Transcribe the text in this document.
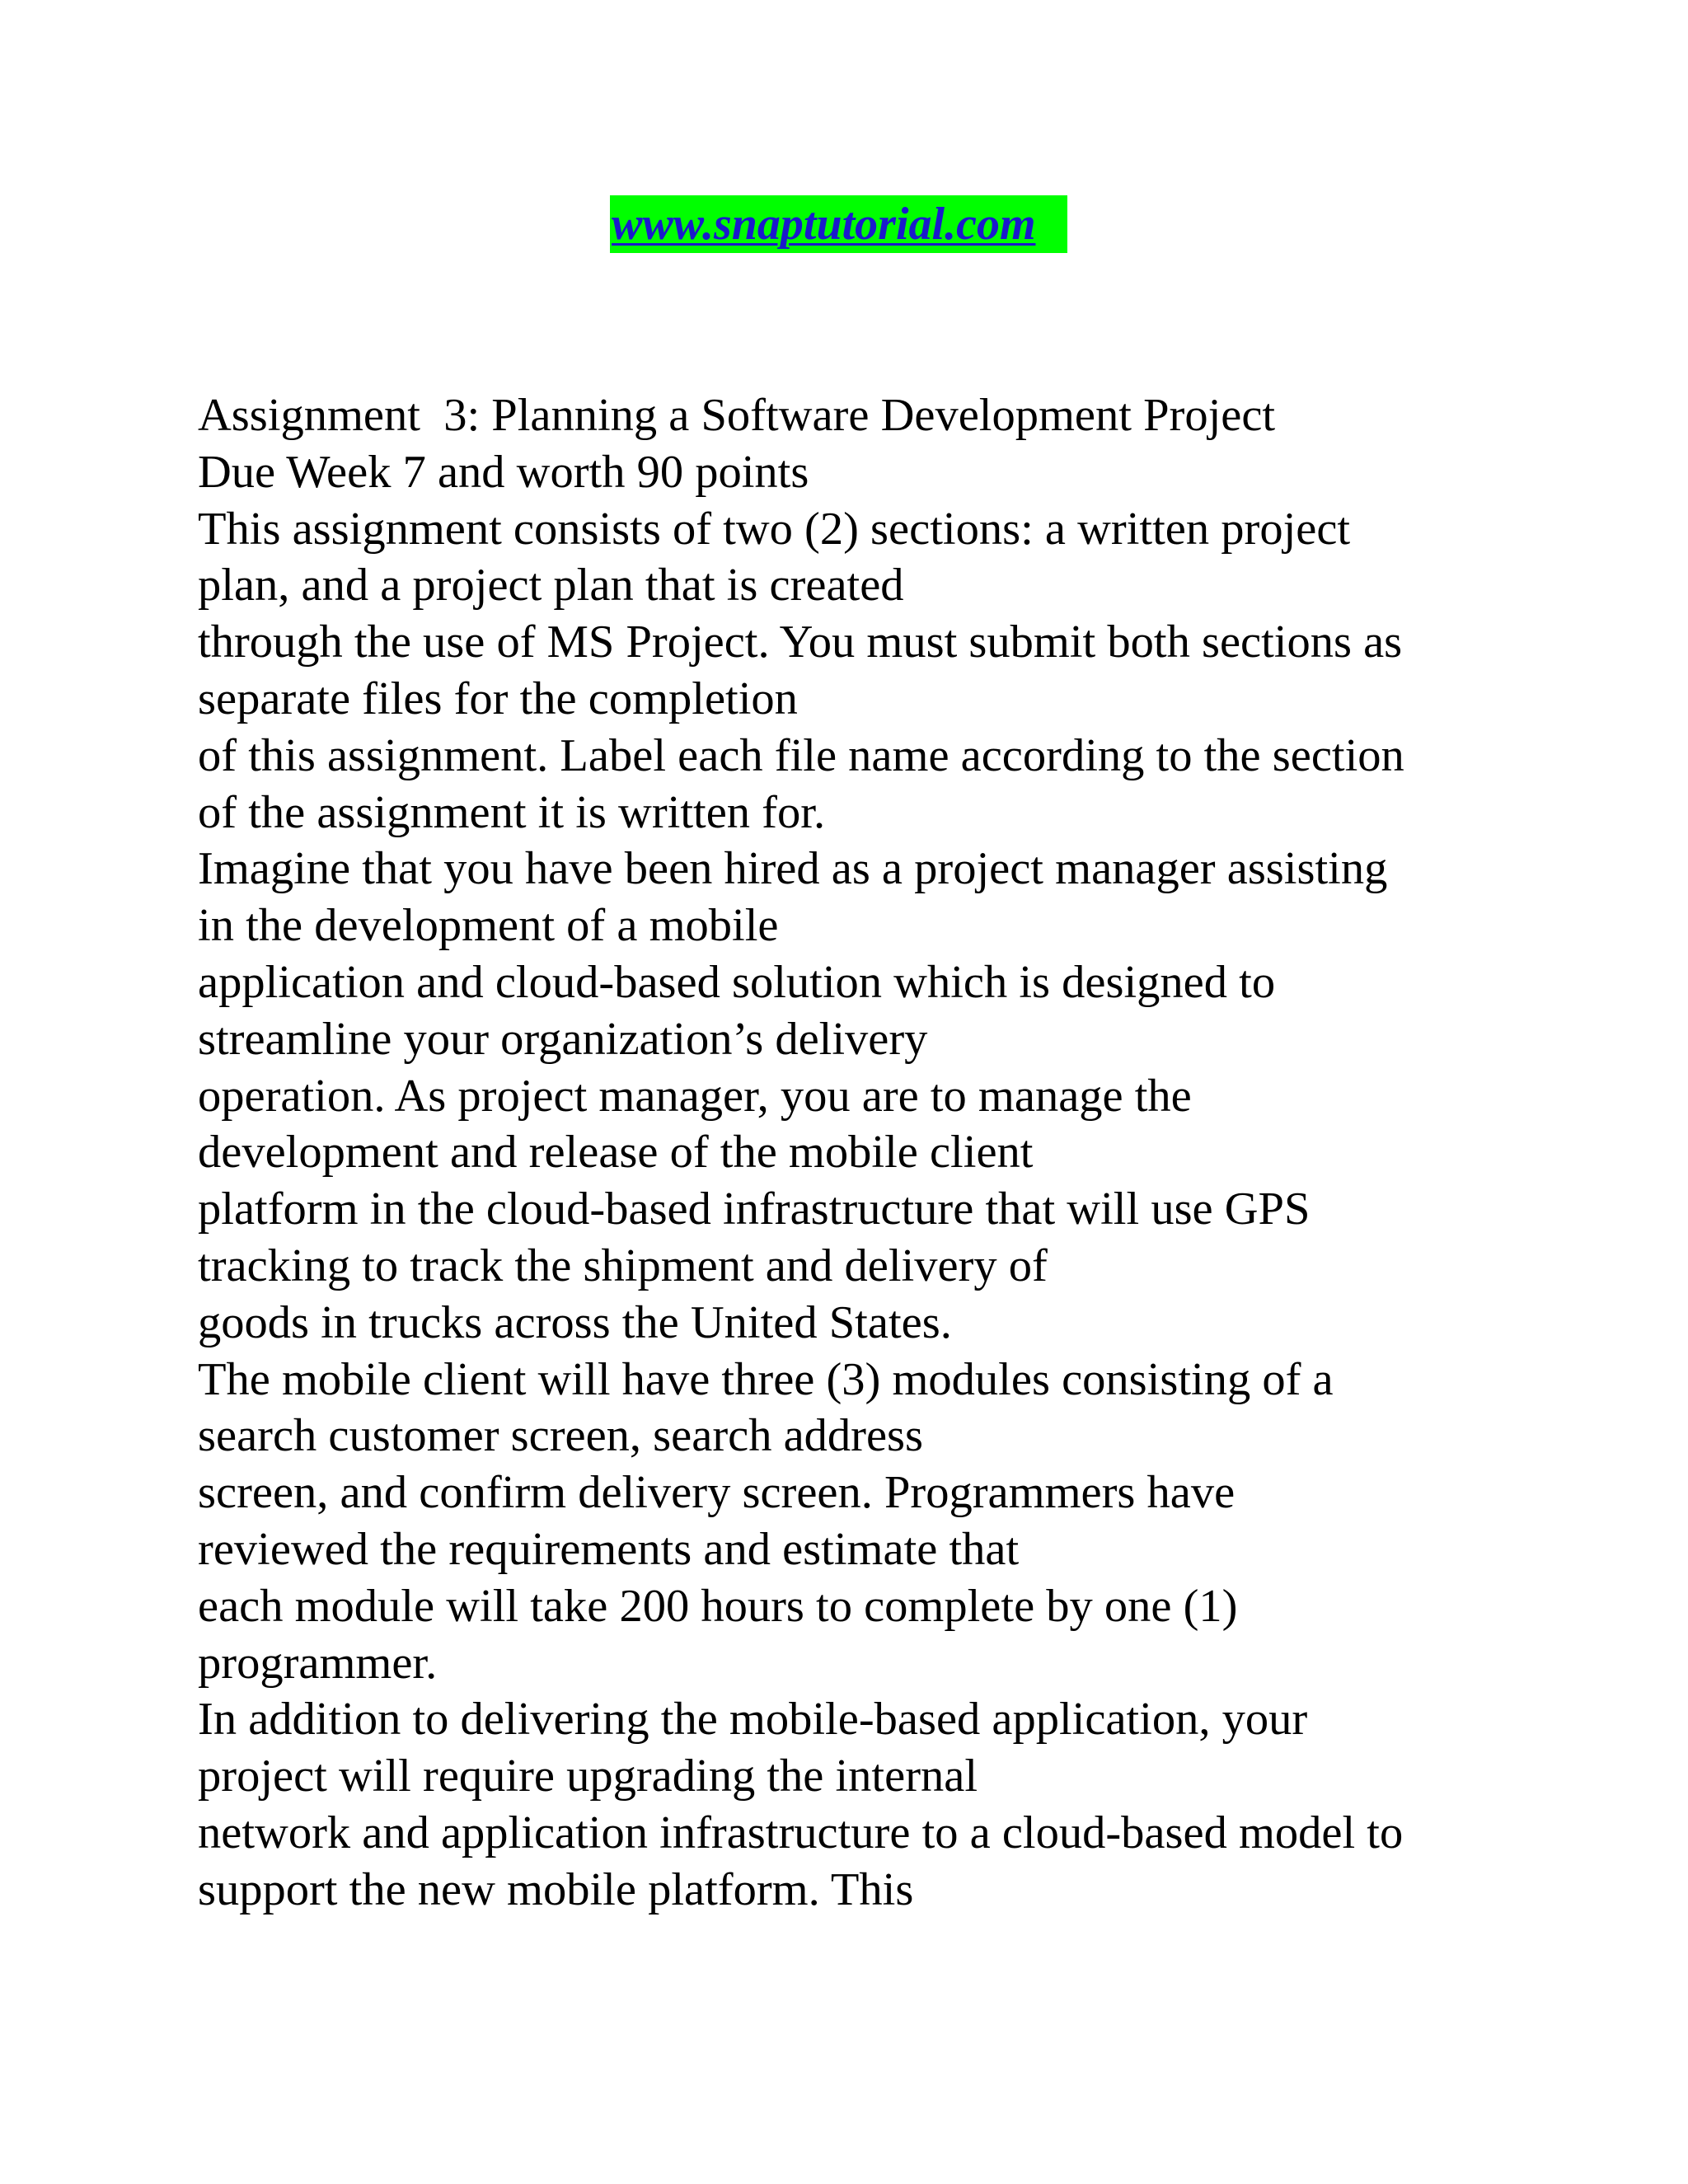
www.snaptutorial.com
Assignment  3: Planning a Software Development Project
Due Week 7 and worth 90 points
This assignment consists of two (2) sections: a written project
plan, and a project plan that is created
through the use of MS Project. You must submit both sections as
separate files for the completion
of this assignment. Label each file name according to the section
of the assignment it is written for.
Imagine that you have been hired as a project manager assisting
in the development of a mobile
application and cloud-based solution which is designed to
streamline your organization’s delivery
operation. As project manager, you are to manage the
development and release of the mobile client
platform in the cloud-based infrastructure that will use GPS
tracking to track the shipment and delivery of
goods in trucks across the United States.
The mobile client will have three (3) modules consisting of a
search customer screen, search address
screen, and confirm delivery screen. Programmers have
reviewed the requirements and estimate that
each module will take 200 hours to complete by one (1)
programmer.
In addition to delivering the mobile-based application, your
project will require upgrading the internal
network and application infrastructure to a cloud-based model to
support the new mobile platform. This
